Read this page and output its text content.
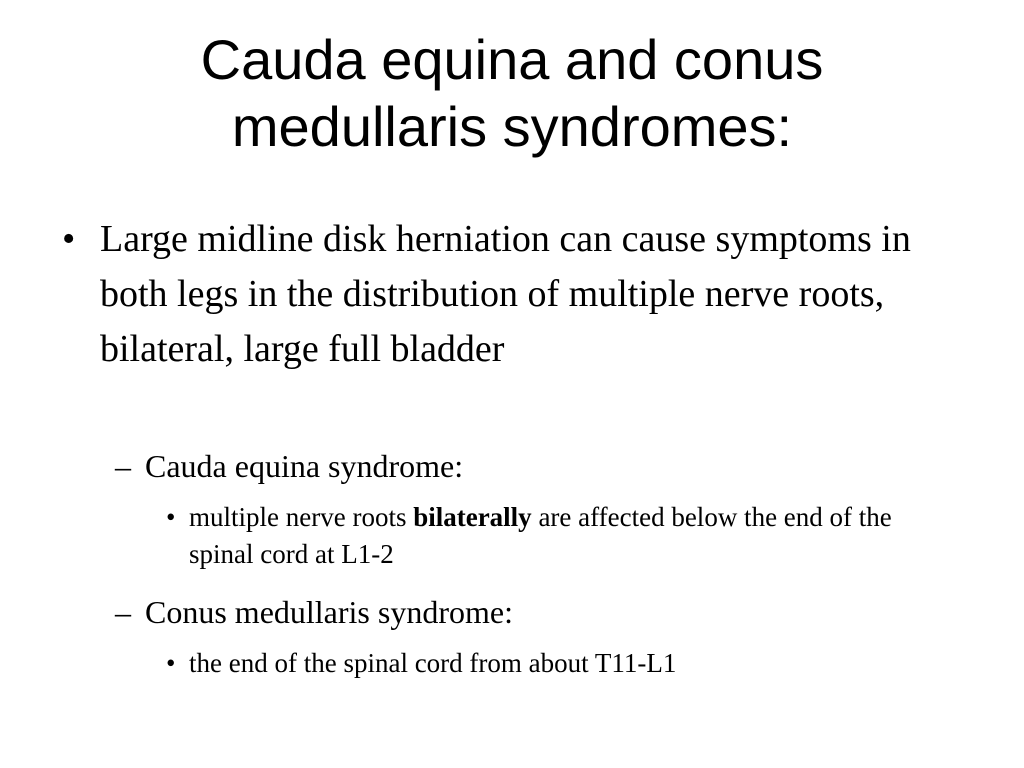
Cauda equina and conus
medullaris syndromes:
• Large midline disk herniation can cause symptoms in both legs in the distribution of multiple nerve roots, bilateral, large full bladder
– Cauda equina syndrome:
• multiple nerve roots bilaterally are affected below the end of the spinal cord at L1-2
– Conus medullaris syndrome:
• the end of the spinal cord from about T11-L1
